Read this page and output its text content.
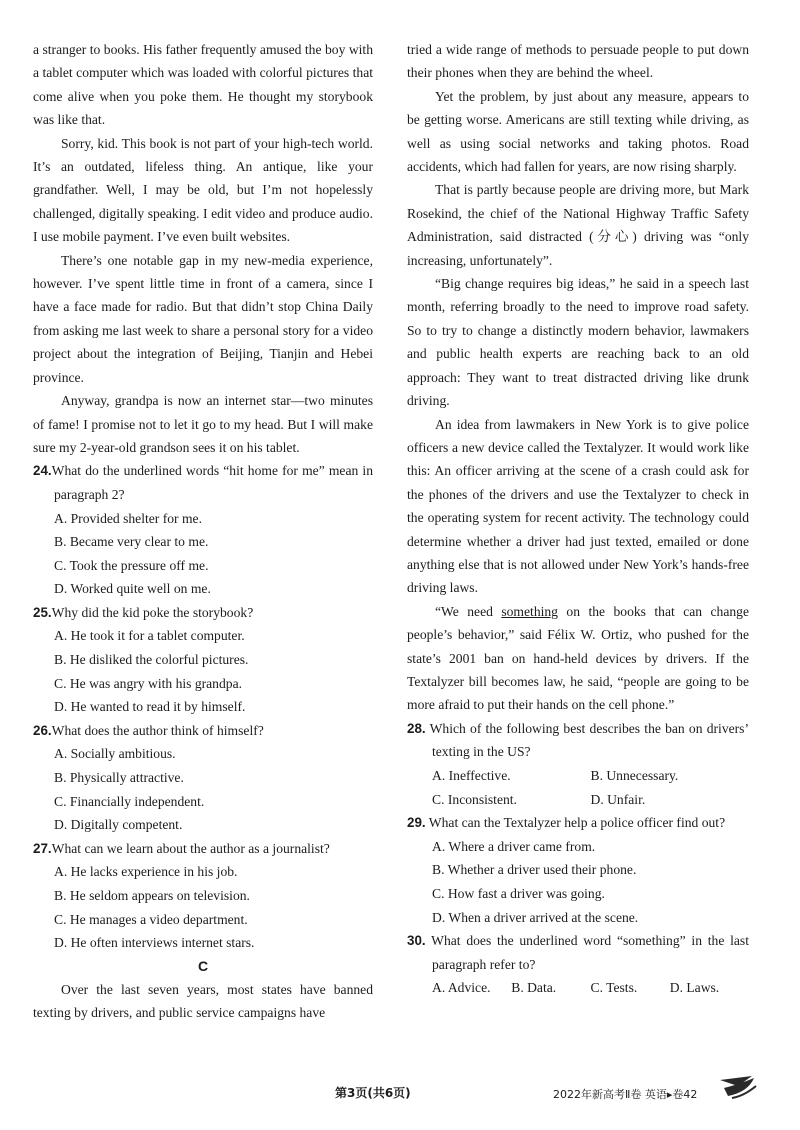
a stranger to books. His father frequently amused the boy with a tablet computer which was loaded with colorful pictures that come alive when you poke them. He thought my storybook was like that.

Sorry, kid. This book is not part of your high-tech world. It’s an outdated, lifeless thing. An antique, like your grandfather. Well, I may be old, but I’m not hopelessly challenged, digitally speaking. I edit video and produce audio. I use mobile payment. I’ve even built websites.

There’s one notable gap in my new-media experience, however. I’ve spent little time in front of a camera, since I have a face made for radio. But that didn’t stop China Daily from asking me last week to share a personal story for a video project about the integration of Beijing, Tianjin and Hebei province.

Anyway, grandpa is now an internet star—two minutes of fame! I promise not to let it go to my head. But I will make sure my 2-year-old grandson sees it on his tablet.

24.What do the underlined words “hit home for me” mean in paragraph 2?
A. Provided shelter for me.
B. Became very clear to me.
C. Took the pressure off me.
D. Worked quite well on me.
25.Why did the kid poke the storybook?
A. He took it for a tablet computer.
B. He disliked the colorful pictures.
C. He was angry with his grandpa.
D. He wanted to read it by himself.
26.What does the author think of himself?
A. Socially ambitious.
B. Physically attractive.
C. Financially independent.
D. Digitally competent.
27.What can we learn about the author as a journalist?
A. He lacks experience in his job.
B. He seldom appears on television.
C. He manages a video department.
D. He often interviews internet stars.
C

Over the last seven years, most states have banned texting by drivers, and public service campaigns have

tried a wide range of methods to persuade people to put down their phones when they are behind the wheel.

Yet the problem, by just about any measure, appears to be getting worse. Americans are still texting while driving, as well as using social networks and taking photos. Road accidents, which had fallen for years, are now rising sharply.

That is partly because people are driving more, but Mark Rosekind, the chief of the National Highway Traffic Safety Administration, said distracted (分心) driving was “only increasing, unfortunately”.

“Big change requires big ideas,” he said in a speech last month, referring broadly to the need to improve road safety. So to try to change a distinctly modern behavior, lawmakers and public health experts are reaching back to an old approach: They want to treat distracted driving like drunk driving.

An idea from lawmakers in New York is to give police officers a new device called the Textalyzer. It would work like this: An officer arriving at the scene of a crash could ask for the phones of the drivers and use the Textalyzer to check in the operating system for recent activity. The technology could determine whether a driver had just texted, emailed or done anything else that is not allowed under New York’s hands-free driving laws.

“We need something on the books that can change people’s behavior,” said Félix W. Ortiz, who pushed for the state’s 2001 ban on hand-held devices by drivers. If the Textalyzer bill becomes law, he said, “people are going to be more afraid to put their hands on the cell phone.”

28. Which of the following best describes the ban on drivers’ texting in the US?
A. Ineffective.	B. Unnecessary.
C. Inconsistent.	D. Unfair.
29. What can the Textalyzer help a police officer find out?
A. Where a driver came from.
B. Whether a driver used their phone.
C. How fast a driver was going.
D. When a driver arrived at the scene.
30. What does the underlined word “something” in the last paragraph refer to?
A. Advice.	B. Data.	C. Tests.	D. Laws.
第3页(共6页)	2022年新高考Ⅱ卷 英语▸卷42
